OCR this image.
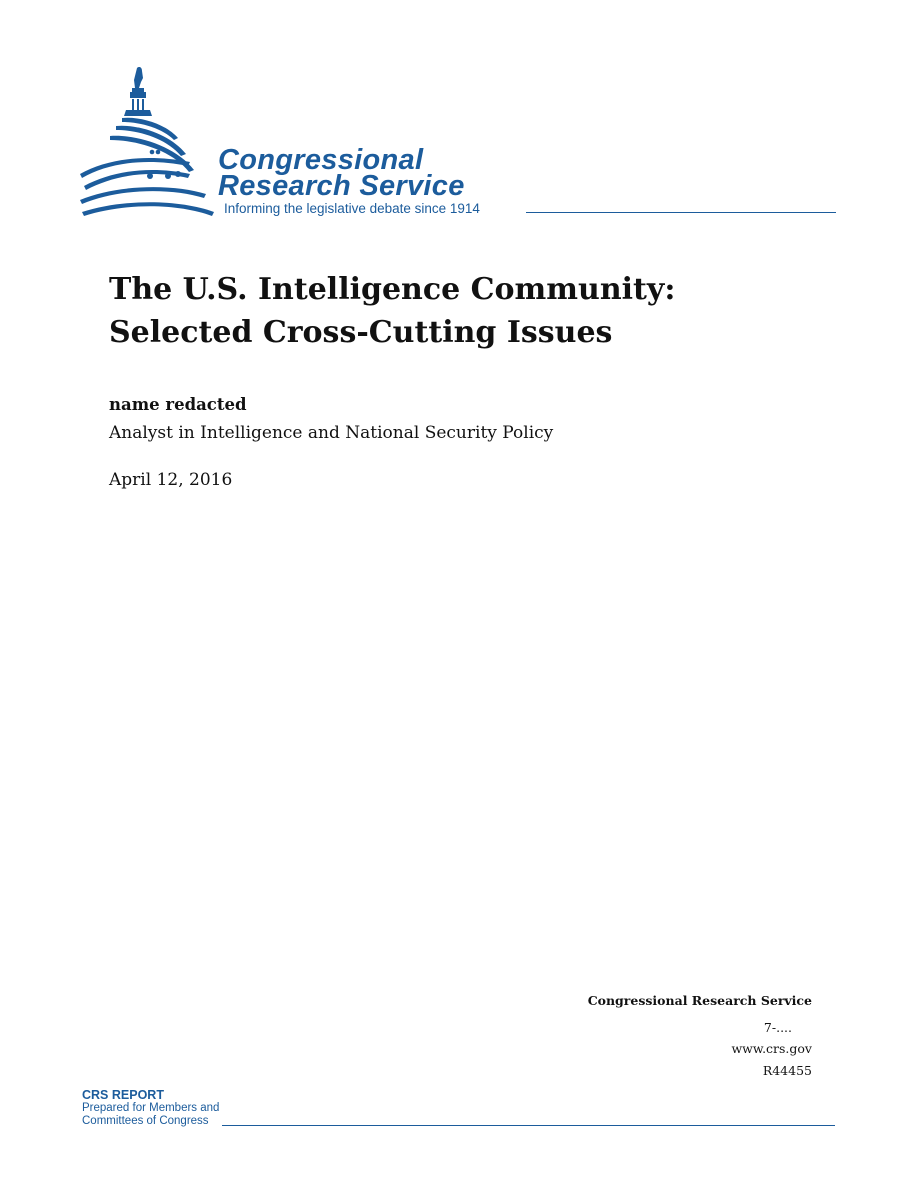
Congressional
Research Service
Informing the legislative debate since 1914
The U.S. Intelligence Community: Selected Cross-Cutting Issues
name redacted
Analyst in Intelligence and National Security Policy
April 12, 2016
Congressional Research Service
7-....
www.crs.gov
R44455
CRS REPORT
Prepared for Members and
Committees of Congress
